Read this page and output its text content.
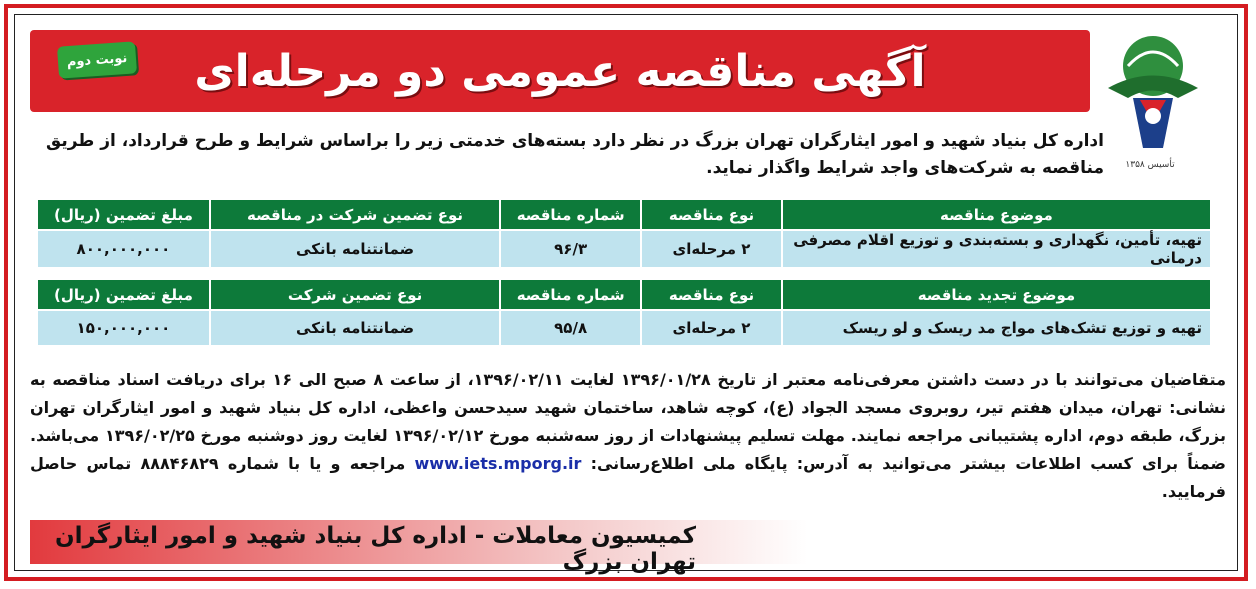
آگهی مناقصه عمومی دو مرحله‌ای
نوبت دوم
تأسیس ۱۳۵۸
اداره کل بنیاد شهید و امور ایثارگران تهران بزرگ در نظر دارد بسته‌های خدمتی زیر را براساس شرایط و طرح قرارداد، از طریق مناقصه به شرکت‌های واجد شرایط واگذار نماید.
موضوع مناقصه	نوع مناقصه	شماره مناقصه	نوع تضمین شرکت در مناقصه	مبلغ تضمین (ریال)
تهیه، تأمین، نگهداری و بسته‌بندی و توزیع اقلام مصرفی درمانی	۲ مرحله‌ای	۹۶/۳	ضمانتنامه بانکی	۸۰۰,۰۰۰,۰۰۰
موضوع تجدید مناقصه	نوع مناقصه	شماره مناقصه	نوع تضمین شرکت	مبلغ تضمین (ریال)
تهیه و توزیع تشک‌های مواج مد ریسک و لو ریسک	۲ مرحله‌ای	۹۵/۸	ضمانتنامه بانکی	۱۵۰,۰۰۰,۰۰۰
متقاضیان می‌توانند با در دست داشتن معرفی‌نامه معتبر از تاریخ ۱۳۹۶/۰۱/۲۸ لغایت ۱۳۹۶/۰۲/۱۱، از ساعت ۸ صبح الی ۱۶ برای دریافت اسناد مناقصه به نشانی: تهران، میدان هفتم تیر، روبروی مسجد الجواد (ع)، کوچه شاهد، ساختمان شهید سیدحسن واعظی، اداره کل بنیاد شهید و امور ایثارگران تهران بزرگ، طبقه دوم، اداره پشتیبانی مراجعه نمایند. مهلت تسلیم پیشنهادات از روز سه‌شنبه مورخ ۱۳۹۶/۰۲/۱۲ لغایت روز دوشنبه مورخ ۱۳۹۶/۰۲/۲۵ می‌باشد. ضمناً برای کسب اطلاعات بیشتر می‌توانید به آدرس: پایگاه ملی اطلاع‌رسانی: www.iets.mporg.ir مراجعه و یا با شماره ۸۸۸۴۶۸۲۹ تماس حاصل فرمایید.
کمیسیون معاملات - اداره کل بنیاد شهید و امور ایثارگران تهران بزرگ
